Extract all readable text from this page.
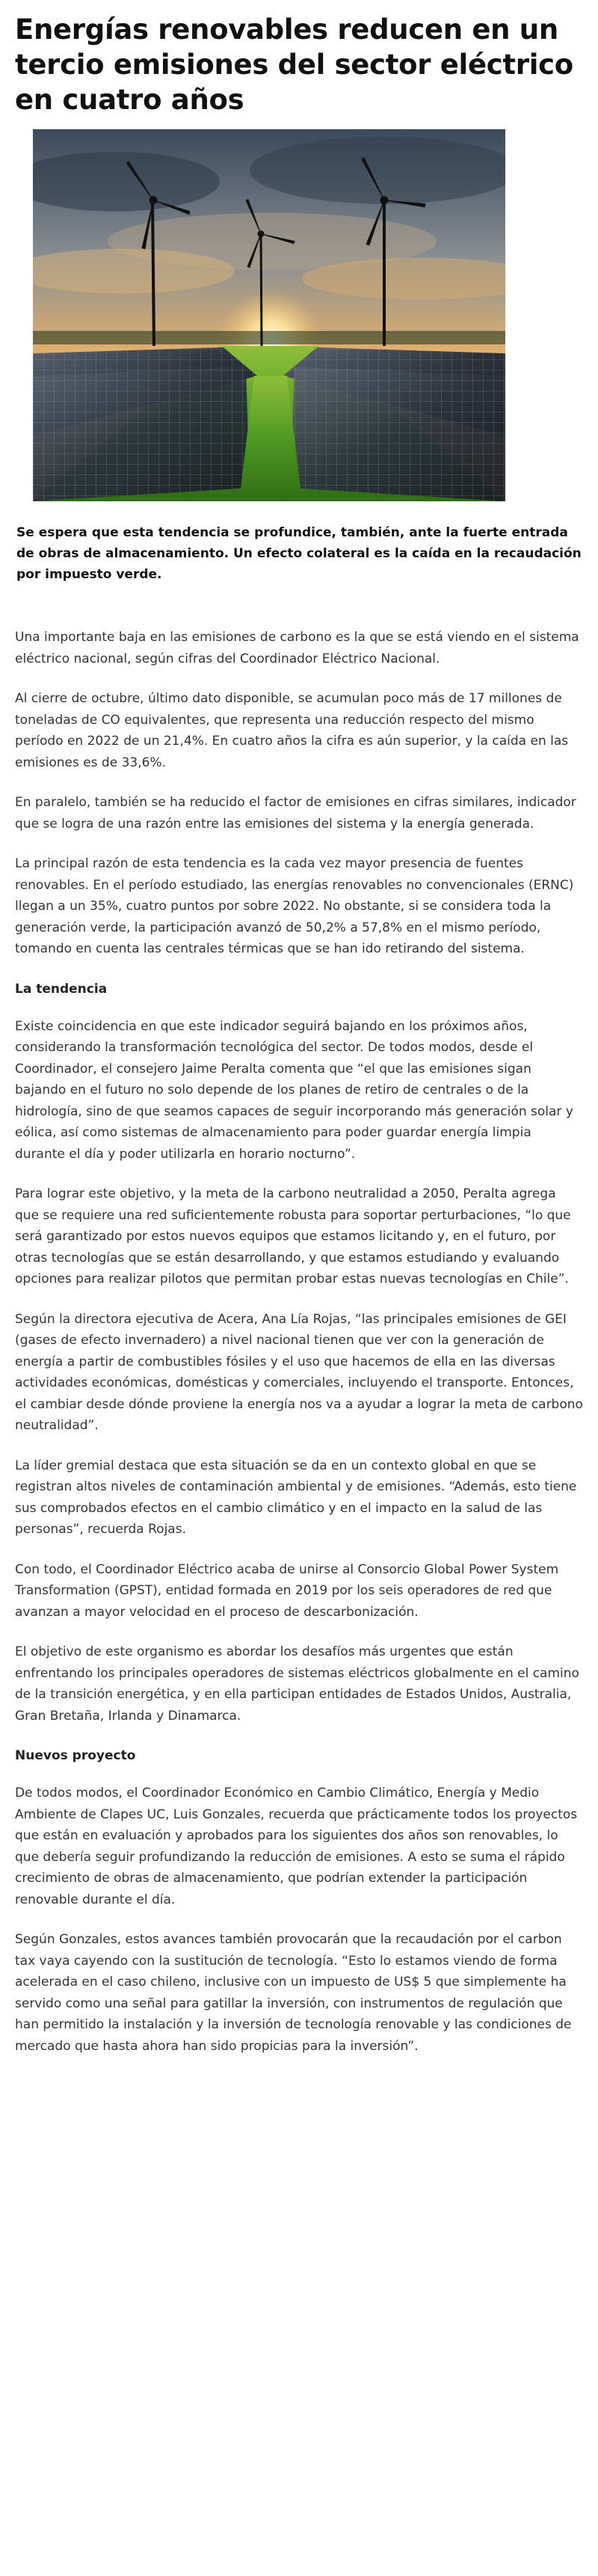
Energías renovables reducen en un tercio emisiones del sector eléctrico en cuatro años

Se espera que esta tendencia se profundice, también, ante la fuerte entrada de obras de almacenamiento. Un efecto colateral es la caída en la recaudación por impuesto verde.

Una importante baja en las emisiones de carbono es la que se está viendo en el sistema eléctrico nacional, según cifras del Coordinador Eléctrico Nacional.

Al cierre de octubre, último dato disponible, se acumulan poco más de 17 millones de toneladas de CO equivalentes, que representa una reducción respecto del mismo período en 2022 de un 21,4%. En cuatro años la cifra es aún superior, y la caída en las emisiones es de 33,6%.

En paralelo, también se ha reducido el factor de emisiones en cifras similares, indicador que se logra de una razón entre las emisiones del sistema y la energía generada.

La principal razón de esta tendencia es la cada vez mayor presencia de fuentes renovables. En el período estudiado, las energías renovables no convencionales (ERNC) llegan a un 35%, cuatro puntos por sobre 2022. No obstante, si se considera toda la generación verde, la participación avanzó de 50,2% a 57,8% en el mismo período, tomando en cuenta las centrales térmicas que se han ido retirando del sistema.

La tendencia

Existe coincidencia en que este indicador seguirá bajando en los próximos años, considerando la transformación tecnológica del sector. De todos modos, desde el Coordinador, el consejero Jaime Peralta comenta que “el que las emisiones sigan bajando en el futuro no solo depende de los planes de retiro de centrales o de la hidrología, sino de que seamos capaces de seguir incorporando más generación solar y eólica, así como sistemas de almacenamiento para poder guardar energía limpia durante el día y poder utilizarla en horario nocturno”.

Para lograr este objetivo, y la meta de la carbono neutralidad a 2050, Peralta agrega que se requiere una red suficientemente robusta para soportar perturbaciones, “lo que será garantizado por estos nuevos equipos que estamos licitando y, en el futuro, por otras tecnologías que se están desarrollando, y que estamos estudiando y evaluando opciones para realizar pilotos que permitan probar estas nuevas tecnologías en Chile”.

Según la directora ejecutiva de Acera, Ana Lía Rojas, “las principales emisiones de GEI (gases de efecto invernadero) a nivel nacional tienen que ver con la generación de energía a partir de combustibles fósiles y el uso que hacemos de ella en las diversas actividades económicas, domésticas y comerciales, incluyendo el transporte. Entonces, el cambiar desde dónde proviene la energía nos va a ayudar a lograr la meta de carbono neutralidad”.

La líder gremial destaca que esta situación se da en un contexto global en que se registran altos niveles de contaminación ambiental y de emisiones. “Además, esto tiene sus comprobados efectos en el cambio climático y en el impacto en la salud de las personas”, recuerda Rojas.

Con todo, el Coordinador Eléctrico acaba de unirse al Consorcio Global Power System Transformation (GPST), entidad formada en 2019 por los seis operadores de red que avanzan a mayor velocidad en el proceso de descarbonización.

El objetivo de este organismo es abordar los desafíos más urgentes que están enfrentando los principales operadores de sistemas eléctricos globalmente en el camino de la transición energética, y en ella participan entidades de Estados Unidos, Australia, Gran Bretaña, Irlanda y Dinamarca.

Nuevos proyecto

De todos modos, el Coordinador Económico en Cambio Climático, Energía y Medio Ambiente de Clapes UC, Luis Gonzales, recuerda que prácticamente todos los proyectos que están en evaluación y aprobados para los siguientes dos años son renovables, lo que debería seguir profundizando la reducción de emisiones. A esto se suma el rápido crecimiento de obras de almacenamiento, que podrían extender la participación renovable durante el día.

Según Gonzales, estos avances también provocarán que la recaudación por el carbon tax vaya cayendo con la sustitución de tecnología. “Esto lo estamos viendo de forma acelerada en el caso chileno, inclusive con un impuesto de US$ 5 que simplemente ha servido como una señal para gatillar la inversión, con instrumentos de regulación que han permitido la instalación y la inversión de tecnología renovable y las condiciones de mercado que hasta ahora han sido propicias para la inversión”.
